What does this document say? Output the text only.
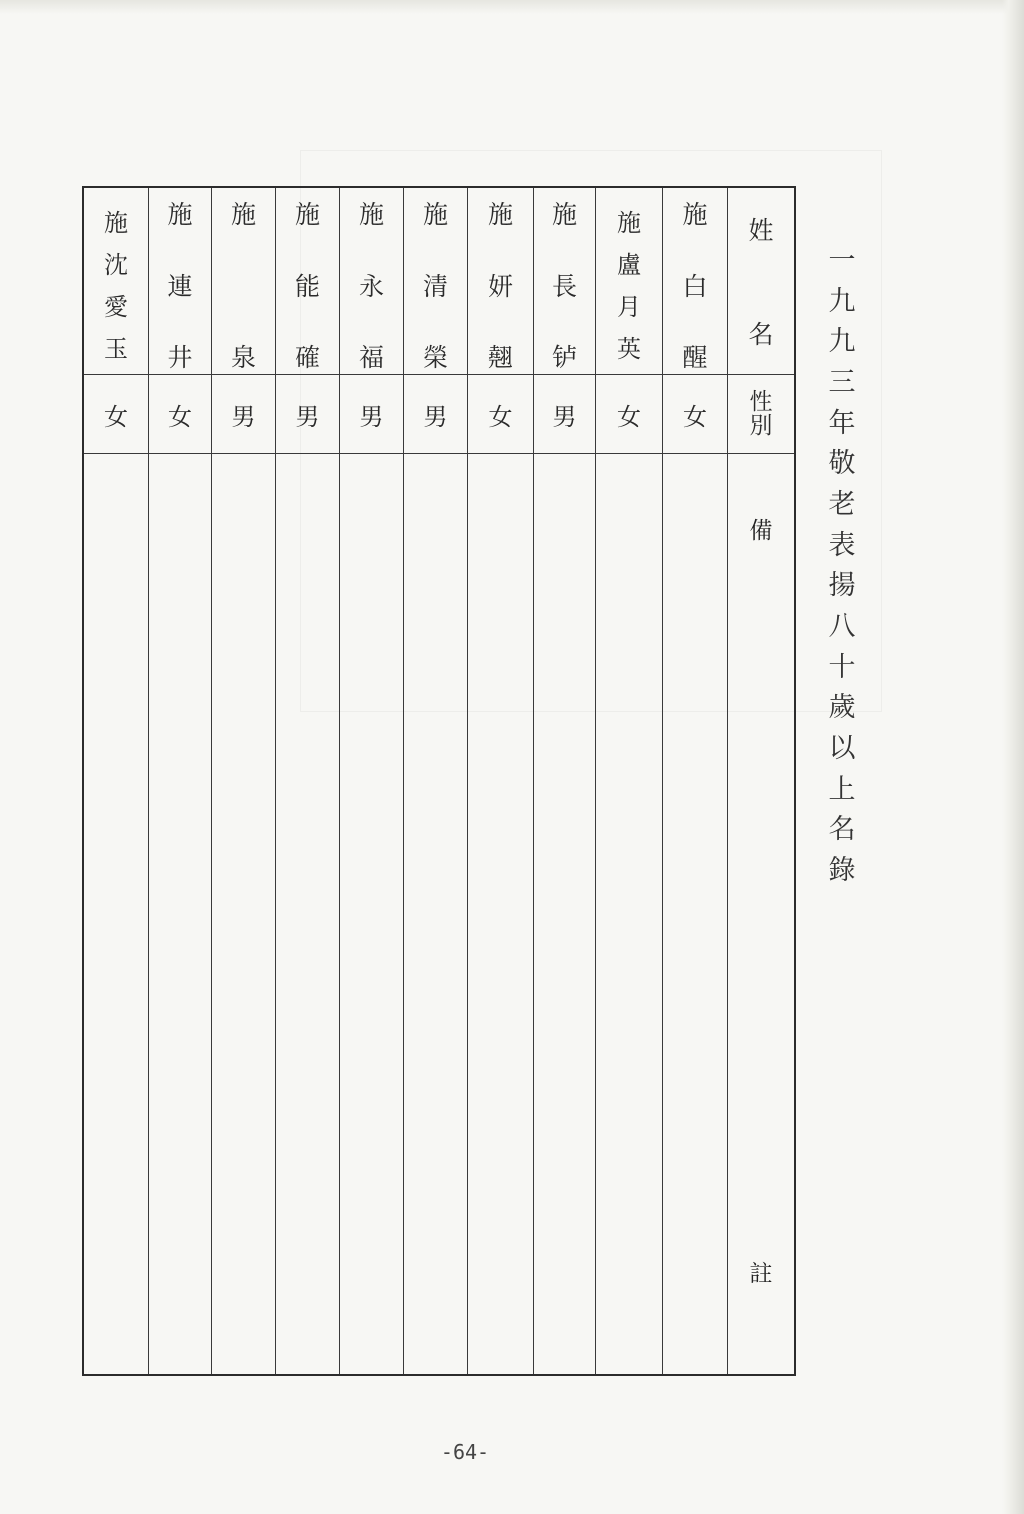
一
九
九
三
年
敬
老
表
揚
八
十
歲
以
上
名
錄
施
沈
愛
玉	施
連
井	施
泉	施
能
確	施
永
福	施
清
榮	施
妍
翹	施
長
𬬻	施
盧
月
英	施
白
醒	姓
名

女	女	男	男	男	男	女	男	女	女	性
別

										備
註
-64-
